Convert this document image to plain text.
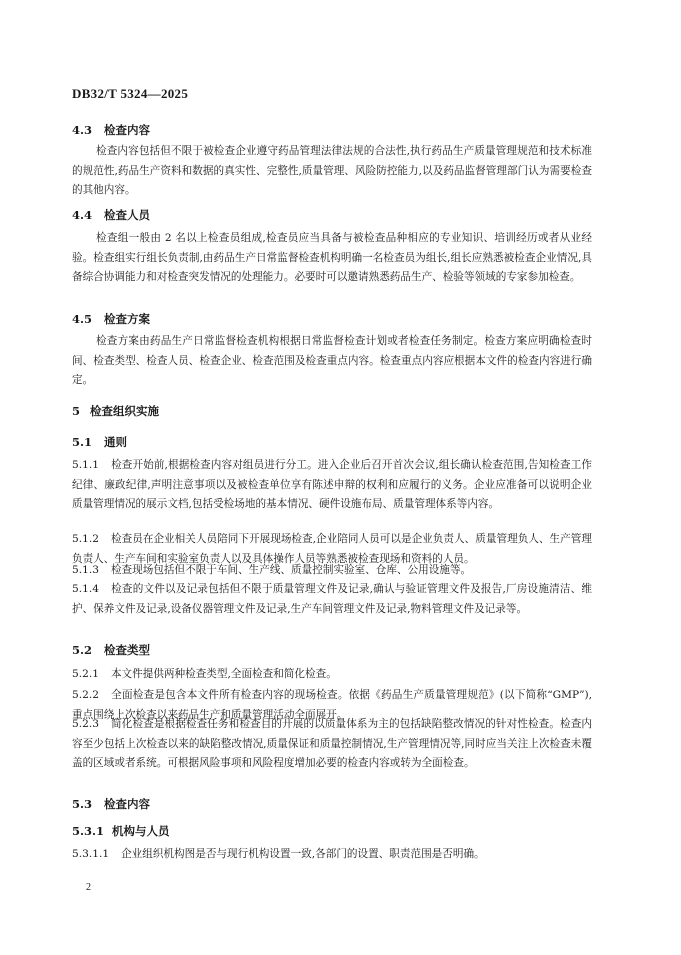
DB32/T 5324—2025
4.3 检查内容
检查内容包括但不限于被检查企业遵守药品管理法律法规的合法性,执行药品生产质量管理规范和技术标准的规范性,药品生产资料和数据的真实性、完整性,质量管理、风险防控能力,以及药品监督管理部门认为需要检查的其他内容。
4.4 检查人员
检查组一般由 2 名以上检查员组成,检查员应当具备与被检查品种相应的专业知识、培训经历或者从业经验。检查组实行组长负责制,由药品生产日常监督检查机构明确一名检查员为组长,组长应熟悉被检查企业情况,具备综合协调能力和对检查突发情况的处理能力。必要时可以邀请熟悉药品生产、检验等领域的专家参加检查。
4.5 检查方案
检查方案由药品生产日常监督检查机构根据日常监督检查计划或者检查任务制定。检查方案应明确检查时间、检查类型、检查人员、检查企业、检查范围及检查重点内容。检查重点内容应根据本文件的检查内容进行确定。
5 检查组织实施
5.1 通则
5.1.1 检查开始前,根据检查内容对组员进行分工。进入企业后召开首次会议,组长确认检查范围,告知检查工作纪律、廉政纪律,声明注意事项以及被检查单位享有陈述申辩的权利和应履行的义务。企业应准备可以说明企业质量管理情况的展示文档,包括受检场地的基本情况、硬件设施布局、质量管理体系等内容。
5.1.2 检查员在企业相关人员陪同下开展现场检查,企业陪同人员可以是企业负责人、质量管理负人、生产管理负责人、生产车间和实验室负责人以及具体操作人员等熟悉被检查现场和资料的人员。
5.1.3 检查现场包括但不限于车间、生产线、质量控制实验室、仓库、公用设施等。
5.1.4 检查的文件以及记录包括但不限于质量管理文件及记录,确认与验证管理文件及报告,厂房设施清洁、维护、保养文件及记录,设备仪器管理文件及记录,生产车间管理文件及记录,物料管理文件及记录等。
5.2 检查类型
5.2.1 本文件提供两种检查类型,全面检查和简化检查。
5.2.2 全面检查是包含本文件所有检查内容的现场检查。依据《药品生产质量管理规范》(以下简称“GMP”),重点围绕上次检查以来药品生产和质量管理活动全面展开。
5.2.3 简化检查是根据检查任务和检查目的开展的以质量体系为主的包括缺陷整改情况的针对性检查。检查内容至少包括上次检查以来的缺陷整改情况,质量保证和质量控制情况,生产管理情况等,同时应当关注上次检查未覆盖的区域或者系统。可根据风险事项和风险程度增加必要的检查内容或转为全面检查。
5.3 检查内容
5.3.1 机构与人员
5.3.1.1 企业组织机构图是否与现行机构设置一致,各部门的设置、职责范围是否明确。
2
